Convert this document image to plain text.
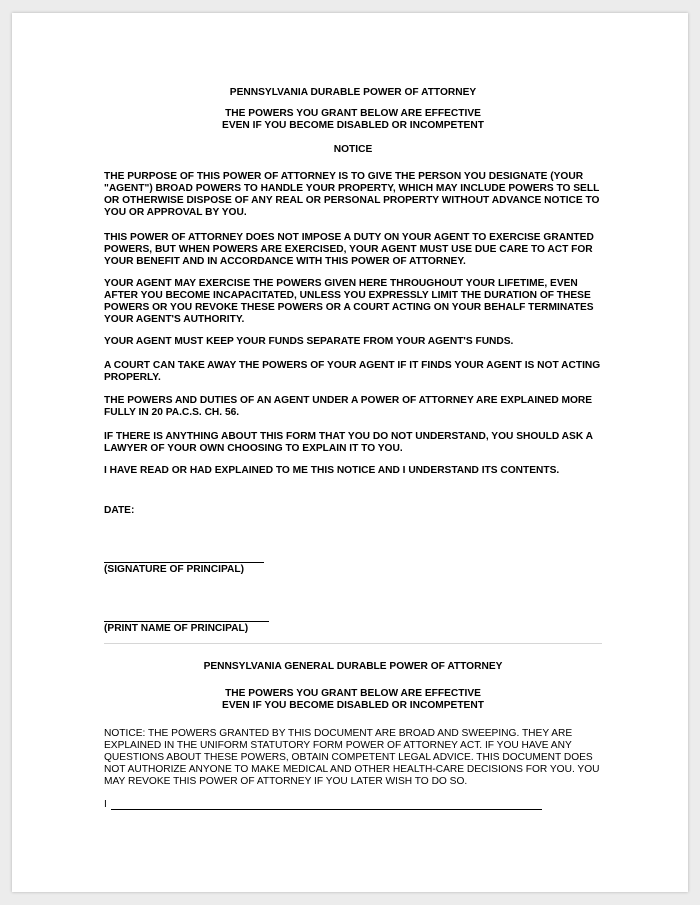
PENNSYLVANIA DURABLE POWER OF ATTORNEY
THE POWERS YOU GRANT BELOW ARE EFFECTIVE
EVEN IF YOU BECOME DISABLED OR INCOMPETENT
NOTICE

THE PURPOSE OF THIS POWER OF ATTORNEY IS TO GIVE THE PERSON YOU DESIGNATE (YOUR "AGENT") BROAD POWERS TO HANDLE YOUR PROPERTY, WHICH MAY INCLUDE POWERS TO SELL OR OTHERWISE DISPOSE OF ANY REAL OR PERSONAL PROPERTY WITHOUT ADVANCE NOTICE TO YOU OR APPROVAL BY YOU.

THIS POWER OF ATTORNEY DOES NOT IMPOSE A DUTY ON YOUR AGENT TO EXERCISE GRANTED POWERS, BUT WHEN POWERS ARE EXERCISED, YOUR AGENT MUST USE DUE CARE TO ACT FOR YOUR BENEFIT AND IN ACCORDANCE WITH THIS POWER OF ATTORNEY.

YOUR AGENT MAY EXERCISE THE POWERS GIVEN HERE THROUGHOUT YOUR LIFETIME, EVEN AFTER YOU BECOME INCAPACITATED, UNLESS YOU EXPRESSLY LIMIT THE DURATION OF THESE POWERS OR YOU REVOKE THESE POWERS OR A COURT ACTING ON YOUR BEHALF TERMINATES YOUR AGENT'S AUTHORITY.

YOUR AGENT MUST KEEP YOUR FUNDS SEPARATE FROM YOUR AGENT'S FUNDS.

A COURT CAN TAKE AWAY THE POWERS OF YOUR AGENT IF IT FINDS YOUR AGENT IS NOT ACTING PROPERLY.

THE POWERS AND DUTIES OF AN AGENT UNDER A POWER OF ATTORNEY ARE EXPLAINED MORE FULLY IN 20 PA.C.S. CH. 56.

IF THERE IS ANYTHING ABOUT THIS FORM THAT YOU DO NOT UNDERSTAND, YOU SHOULD ASK A LAWYER OF YOUR OWN CHOOSING TO EXPLAIN IT TO YOU.

I HAVE READ OR HAD EXPLAINED TO ME THIS NOTICE AND I UNDERSTAND ITS CONTENTS.

DATE:
(SIGNATURE OF PRINCIPAL)
(PRINT NAME OF PRINCIPAL)
PENNSYLVANIA GENERAL DURABLE POWER OF ATTORNEY
THE POWERS YOU GRANT BELOW ARE EFFECTIVE
EVEN IF YOU BECOME DISABLED OR INCOMPETENT

NOTICE: THE POWERS GRANTED BY THIS DOCUMENT ARE BROAD AND SWEEPING. THEY ARE EXPLAINED IN THE UNIFORM STATUTORY FORM POWER OF ATTORNEY ACT. IF YOU HAVE ANY QUESTIONS ABOUT THESE POWERS, OBTAIN COMPETENT LEGAL ADVICE. THIS DOCUMENT DOES NOT AUTHORIZE ANYONE TO MAKE MEDICAL AND OTHER HEALTH-CARE DECISIONS FOR YOU. YOU MAY REVOKE THIS POWER OF ATTORNEY IF YOU LATER WISH TO DO SO.

I
